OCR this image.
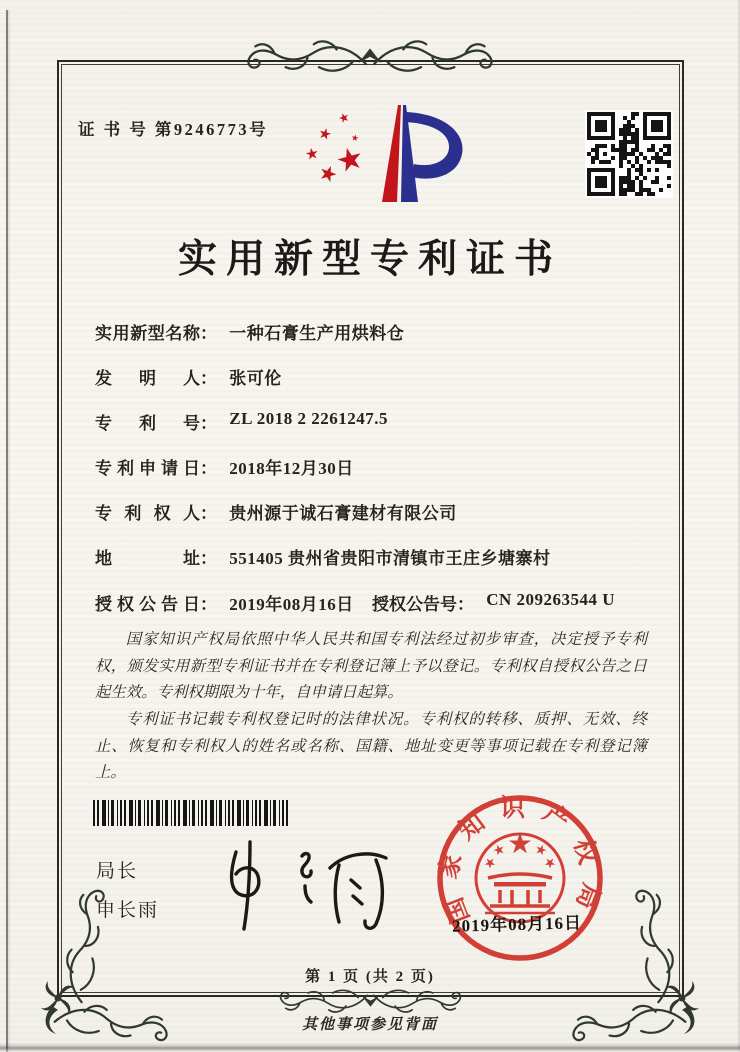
证 书 号 第9246773号
实用新型专利证书
实用新型名称： 一种石膏生产用烘料仓
发明人： 张可伦
专利号： ZL 2018 2 2261247.5
专利申请日： 2018年12月30日
专利权人： 贵州源于诚石膏建材有限公司
地址： 551405 贵州省贵阳市清镇市王庄乡塘寨村
授权公告日： 2019年08月16日 授权公告号： CN 209263544 U

国家知识产权局依照中华人民共和国专利法经过初步审查，决定授予专利权，颁发实用新型专利证书并在专利登记簿上予以登记。专利权自授权公告之日起生效。专利权期限为十年，自申请日起算。

专利证书记载专利权登记时的法律状况。专利权的转移、质押、无效、终止、恢复和专利权人的姓名或名称、国籍、地址变更等事项记载在专利登记簿上。

局长
申长雨	国家知识产权局
2019年08月16日
第 1 页 (共 2 页)
其他事项参见背面
